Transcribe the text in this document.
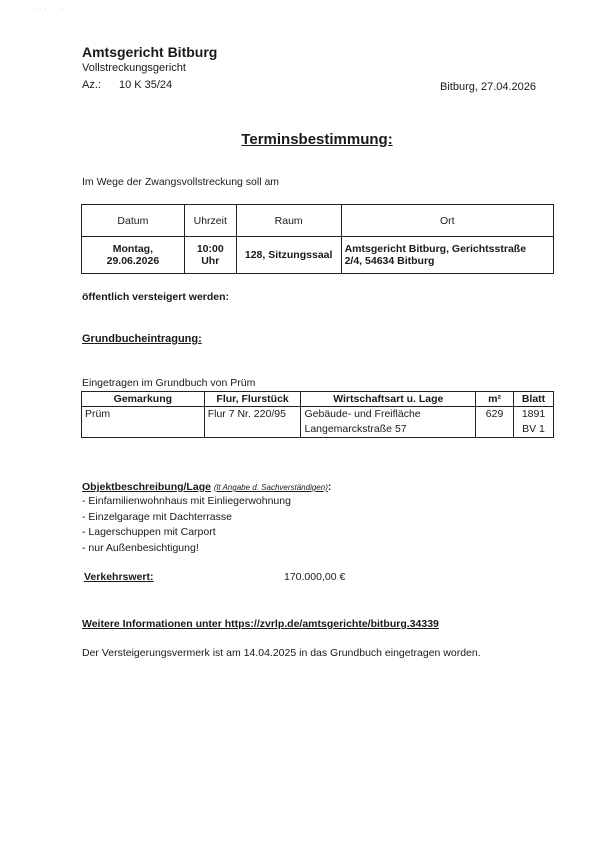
·· ·
Amtsgericht Bitburg
Vollstreckungsgericht
Az.: 10 K 35/24	Bitburg, 27.04.2026
Terminsbestimmung:
Im Wege der Zwangsvollstreckung soll am
Datum	Uhrzeit	Raum	Ort
Montag,
29.06.2026	10:00 Uhr	128, Sitzungssaal	Amtsgericht Bitburg, Gerichtsstraße
2/4, 54634 Bitburg
öffentlich versteigert werden:
Grundbucheintragung:
Eingetragen im Grundbuch von Prüm
Gemarkung	Flur, Flurstück	Wirtschaftsart u. Lage	m²	Blatt
Prüm	Flur 7 Nr. 220/95	Gebäude- und Freifläche
Langemarckstraße 57	629	1891
BV 1
Objektbeschreibung/Lage (lt Angabe d. Sachverständigen):
- Einfamilienwohnhaus mit Einliegerwohnung
- Einzelgarage mit Dachterrasse
- Lagerschuppen mit Carport
- nur Außenbesichtigung!
Verkehrswert:	170.000,00 €
Weitere Informationen unter https://zvrlp.de/amtsgerichte/bitburg.34339
Der Versteigerungsvermerk ist am 14.04.2025 in das Grundbuch eingetragen worden.
